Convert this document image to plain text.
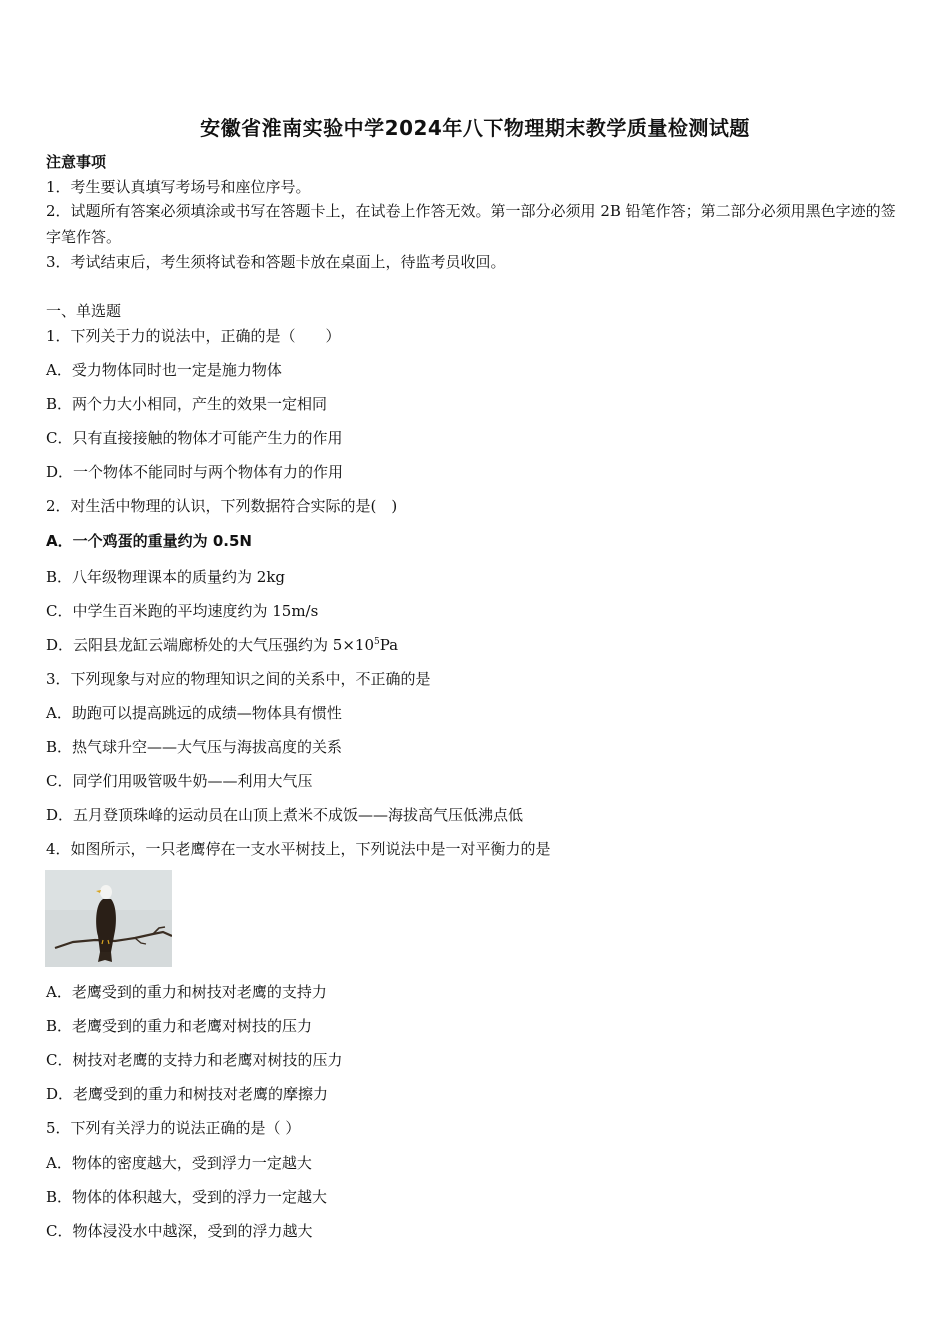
安徽省淮南实验中学2024年八下物理期末教学质量检测试题
注意事项
1．考生要认真填写考场号和座位序号。
2．试题所有答案必须填涂或书写在答题卡上，在试卷上作答无效。第一部分必须用 2B 铅笔作答；第二部分必须用黑色字迹的签字笔作答。
3．考试结束后，考生须将试卷和答题卡放在桌面上，待监考员收回。
一、单选题
1．下列关于力的说法中，正确的是（　　）
A．受力物体同时也一定是施力物体
B．两个力大小相同，产生的效果一定相同
C．只有直接接触的物体才可能产生力的作用
D．一个物体不能同时与两个物体有力的作用
2．对生活中物理的认识，下列数据符合实际的是(　)
A．一个鸡蛋的重量约为 0.5N
B．八年级物理课本的质量约为 2kg
C．中学生百米跑的平均速度约为 15m/s
D．云阳县龙缸云端廊桥处的大气压强约为 $5\times 10^5Pa$
3．下列现象与对应的物理知识之间的关系中，不正确的是
A．助跑可以提高跳远的成绩—物体具有惯性
B．热气球升空——大气压与海拔高度的关系
C．同学们用吸管吸牛奶——利用大气压
D．五月登顶珠峰的运动员在山顶上煮米不成饭——海拔高气压低沸点低
4．如图所示，一只老鹰停在一支水平树技上，下列说法中是一对平衡力的是
A．老鹰受到的重力和树技对老鹰的支持力
B．老鹰受到的重力和老鹰对树技的压力
C．树技对老鹰的支持力和老鹰对树技的压力
D．老鹰受到的重力和树技对老鹰的摩擦力
5．下列有关浮力的说法正确的是（ ）
A．物体的密度越大，受到浮力一定越大
B．物体的体积越大，受到的浮力一定越大
C．物体浸没水中越深，受到的浮力越大
